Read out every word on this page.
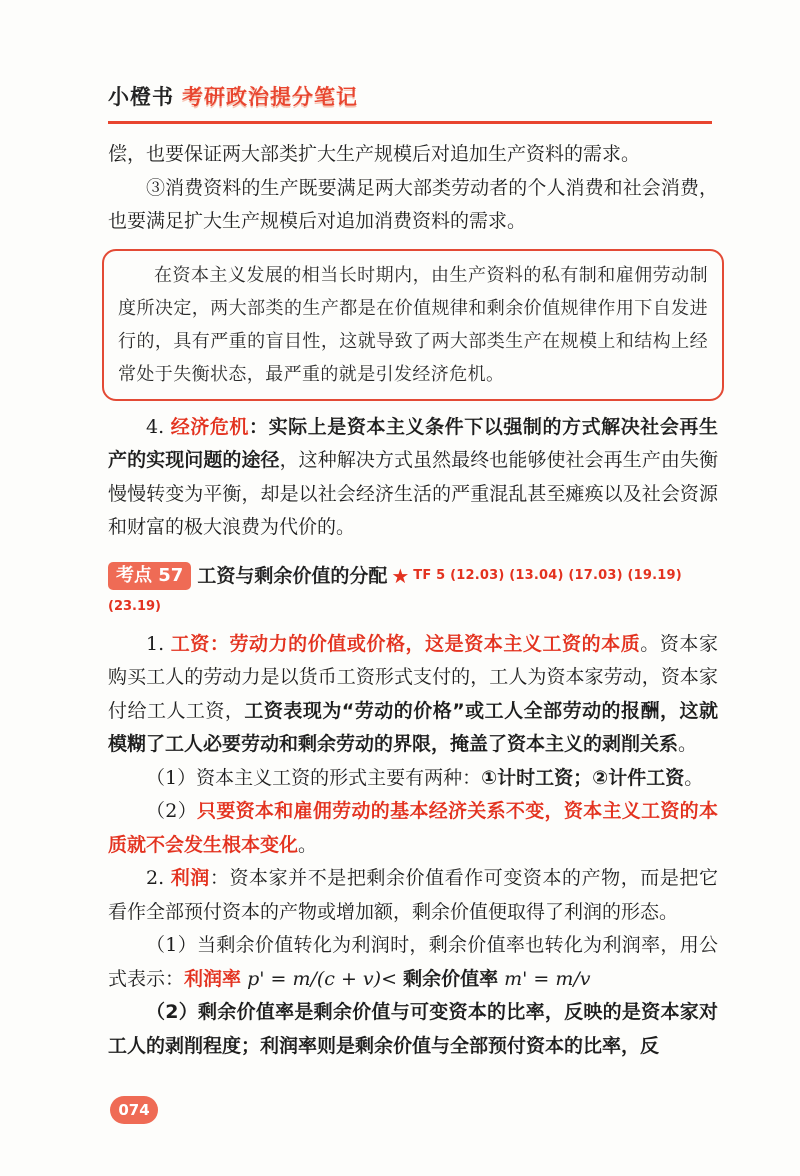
小橙书 考研政治提分笔记

偿，也要保证两大部类扩大生产规模后对追加生产资料的需求。

③消费资料的生产既要满足两大部类劳动者的个人消费和社会消费，也要满足扩大生产规模后对追加消费资料的需求。

在资本主义发展的相当长时期内，由生产资料的私有制和雇佣劳动制度所决定，两大部类的生产都是在价值规律和剩余价值规律作用下自发进行的，具有严重的盲目性，这就导致了两大部类生产在规模上和结构上经常处于失衡状态，最严重的就是引发经济危机。

4. 经济危机：实际上是资本主义条件下以强制的方式解决社会再生产的实现问题的途径，这种解决方式虽然最终也能够使社会再生产由失衡慢慢转变为平衡，却是以社会经济生活的严重混乱甚至瘫痪以及社会资源和财富的极大浪费为代价的。

考点 57 工资与剩余价值的分配 ★ TF 5 (12.03) (13.04) (17.03) (19.19)
(23.19)

1. 工资：劳动力的价值或价格，这是资本主义工资的本质。资本家购买工人的劳动力是以货币工资形式支付的，工人为资本家劳动，资本家付给工人工资，工资表现为“劳动的价格”或工人全部劳动的报酬，这就模糊了工人必要劳动和剩余劳动的界限，掩盖了资本主义的剥削关系。

（1）资本主义工资的形式主要有两种：①计时工资；②计件工资。

（2）只要资本和雇佣劳动的基本经济关系不变，资本主义工资的本质就不会发生根本变化。

2. 利润：资本家并不是把剩余价值看作可变资本的产物，而是把它看作全部预付资本的产物或增加额，剩余价值便取得了利润的形态。

（1）当剩余价值转化为利润时，剩余价值率也转化为利润率，用公式表示：利润率 p' = m/(c + v)< 剩余价值率 m' = m/v

（2）剩余价值率是剩余价值与可变资本的比率，反映的是资本家对工人的剥削程度；利润率则是剩余价值与全部预付资本的比率，反

074
